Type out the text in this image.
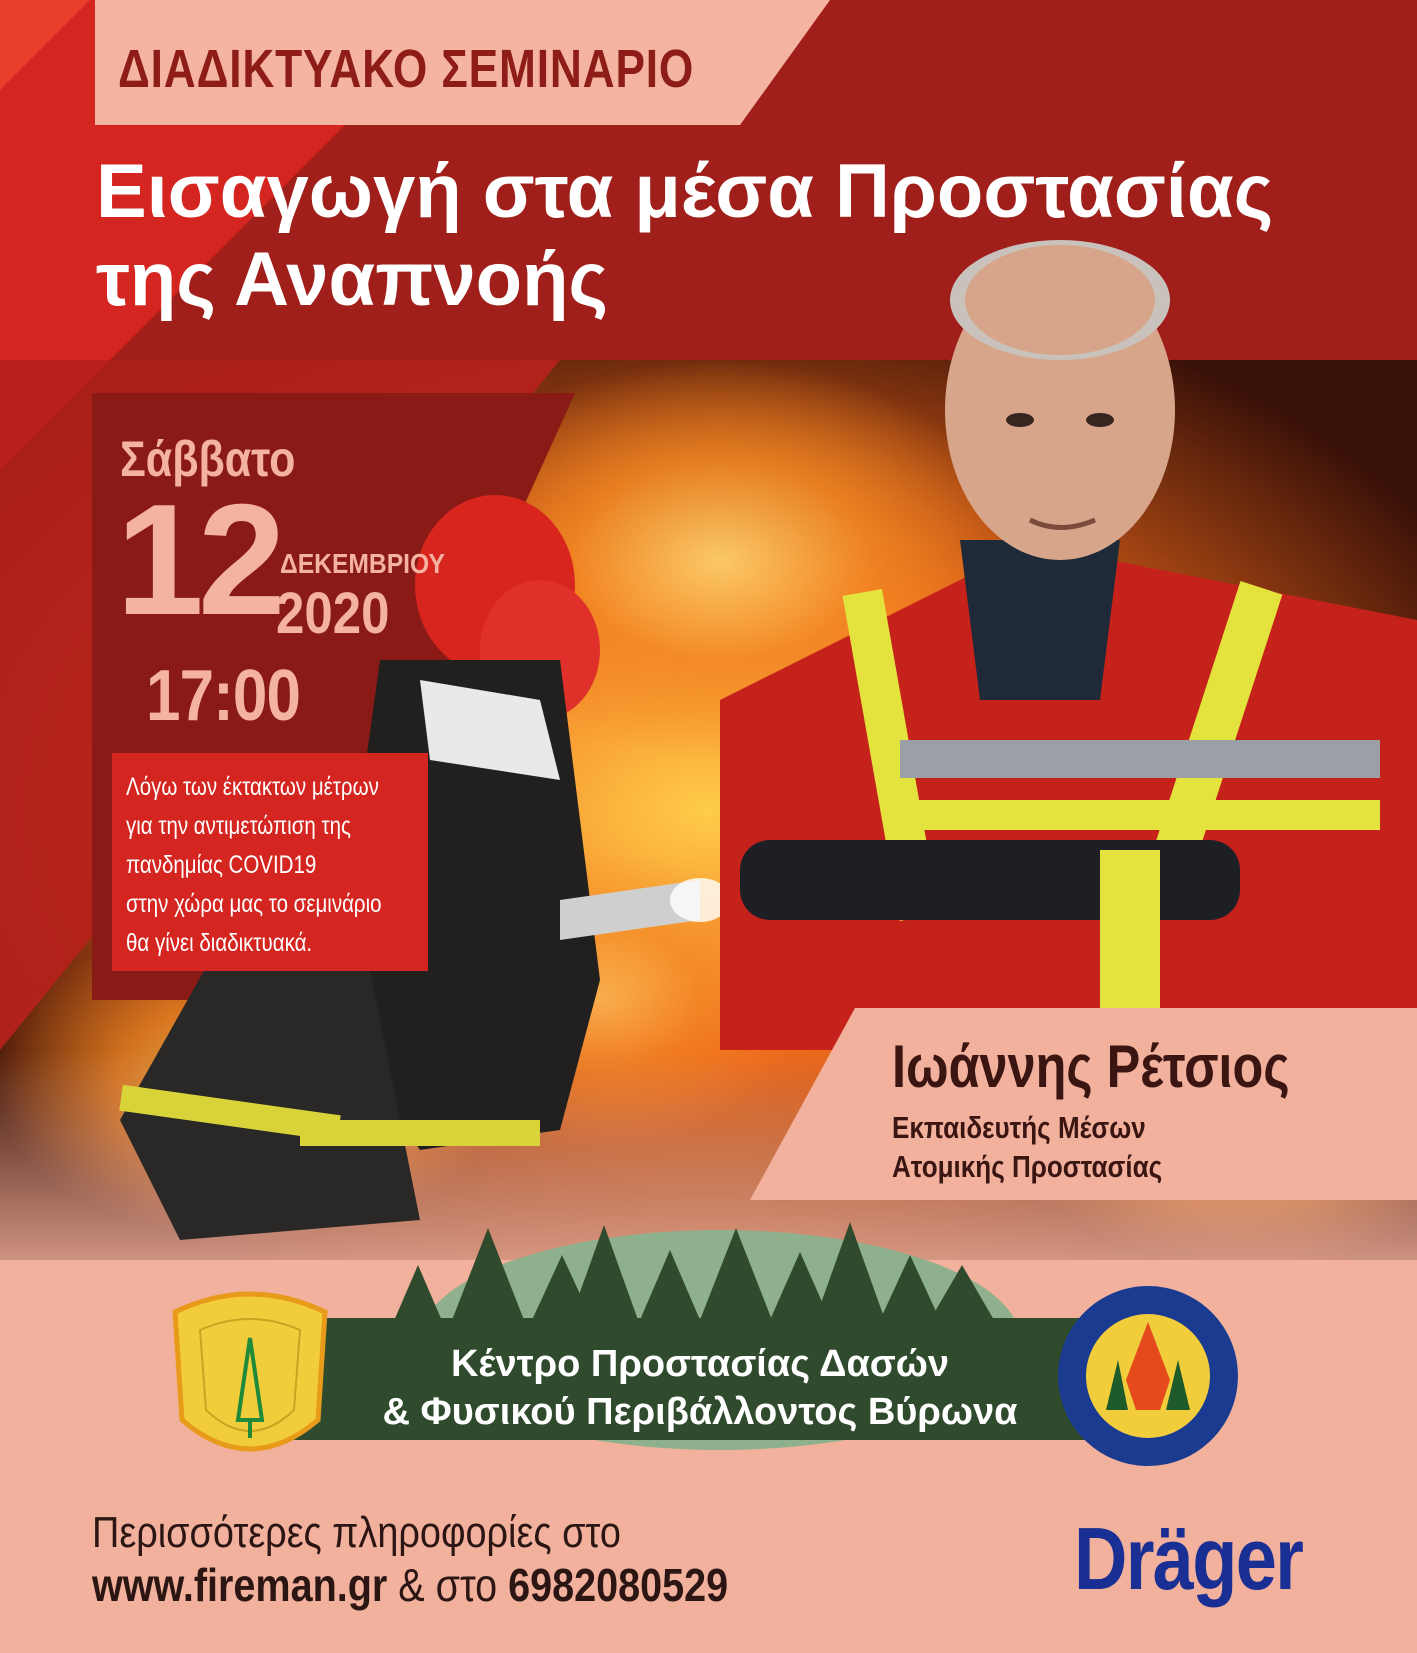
ΔΙΑΔΙΚΤΥΑΚΟ ΣΕΜΙΝΑΡΙΟ
Εισαγωγή στα μέσα Προστασίας
της Αναπνοής
Σάββατο
12 ΔΕΚΕΜΒΡΙΟΥ
2020
17:00
Λόγω των έκτακτων μέτρων
για την αντιμετώπιση της
πανδημίας COVID19
στην χώρα μας το σεμινάριο
θα γίνει διαδικτυακά.
Ιωάννης Ρέτσιος
Εκπαιδευτής Μέσων
Ατομικής Προστασίας
Κέντρο Προστασίας Δασών
& Φυσικού Περιβάλλοντος Βύρωνα
Περισσότερες πληροφορίες στο
www.fireman.gr & στο 6982080529	Dräger
